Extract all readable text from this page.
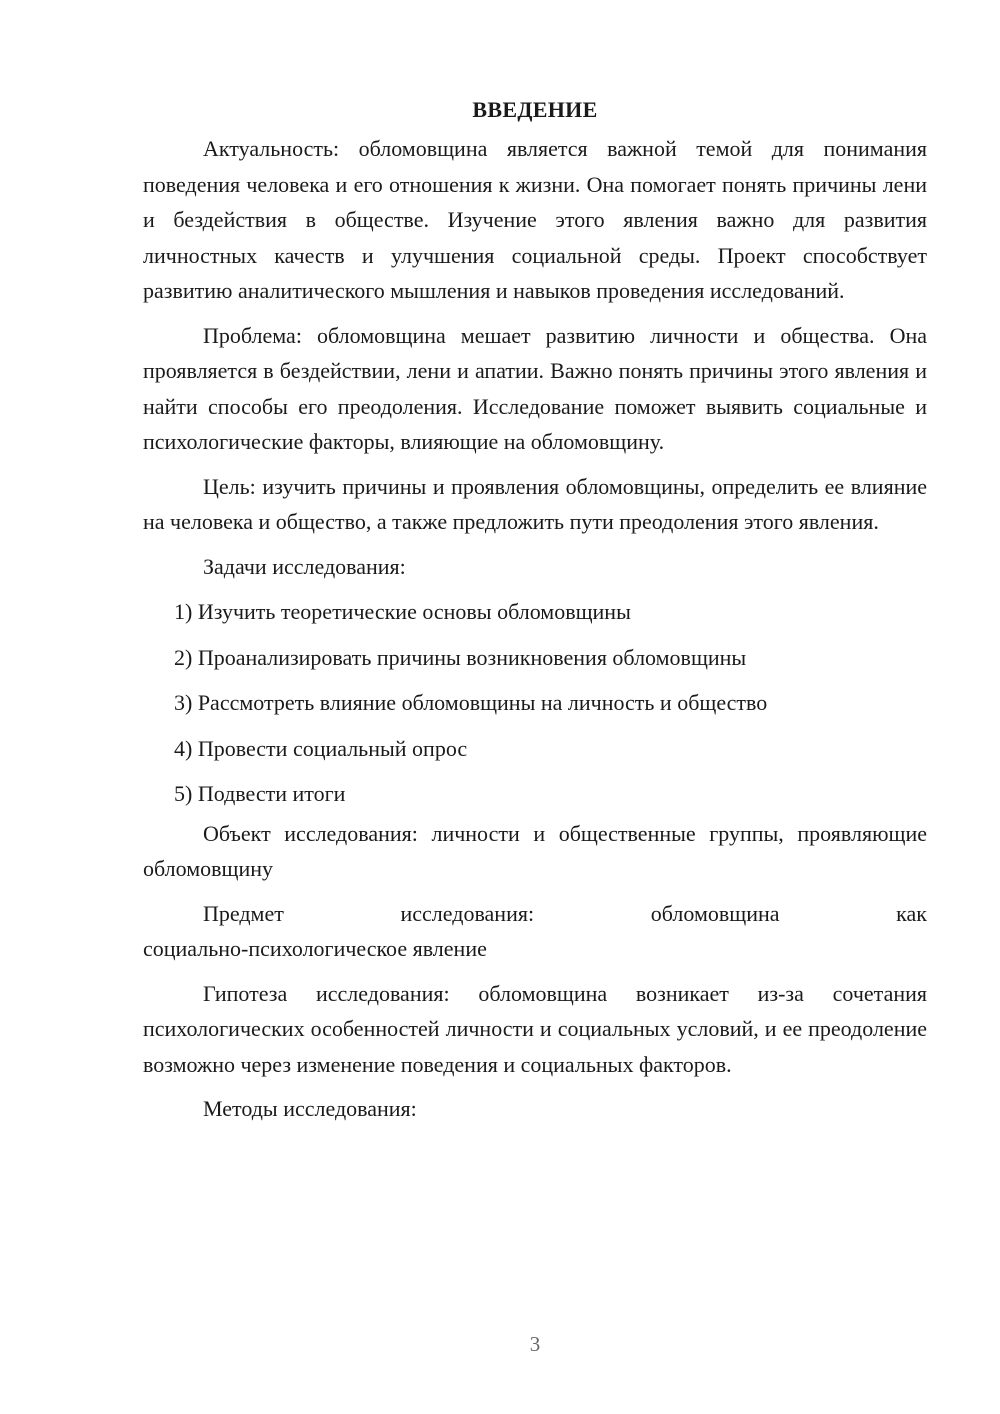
ВВЕДЕНИЕ

Актуальность: обломовщина является важной темой для понимания поведения человека и его отношения к жизни. Она помогает понять причины лени и бездействия в обществе. Изучение этого явления важно для развития личностных качеств и улучшения социальной среды. Проект способствует развитию аналитического мышления и навыков проведения исследований.

Проблема: обломовщина мешает развитию личности и общества. Она проявляется в бездействии, лени и апатии. Важно понять причины этого явления и найти способы его преодоления. Исследование поможет выявить социальные и психологические факторы, влияющие на обломовщину.

Цель: изучить причины и проявления обломовщины, определить ее влияние на человека и общество, а также предложить пути преодоления этого явления.

Задачи исследования:

1) Изучить теоретические основы обломовщины
2) Проанализировать причины возникновения обломовщины
3) Рассмотреть влияние обломовщины на личность и общество
4) Провести социальный опрос
5) Подвести итоги

Объект исследования: личности и общественные группы, проявляющие обломовщину

Предмет	исследования:	обломовщина	как
социально-психологическое явление

Гипотеза исследования: обломовщина возникает из-за сочетания психологических особенностей личности и социальных условий, и ее преодоление возможно через изменение поведения и социальных факторов.

Методы исследования:

3
